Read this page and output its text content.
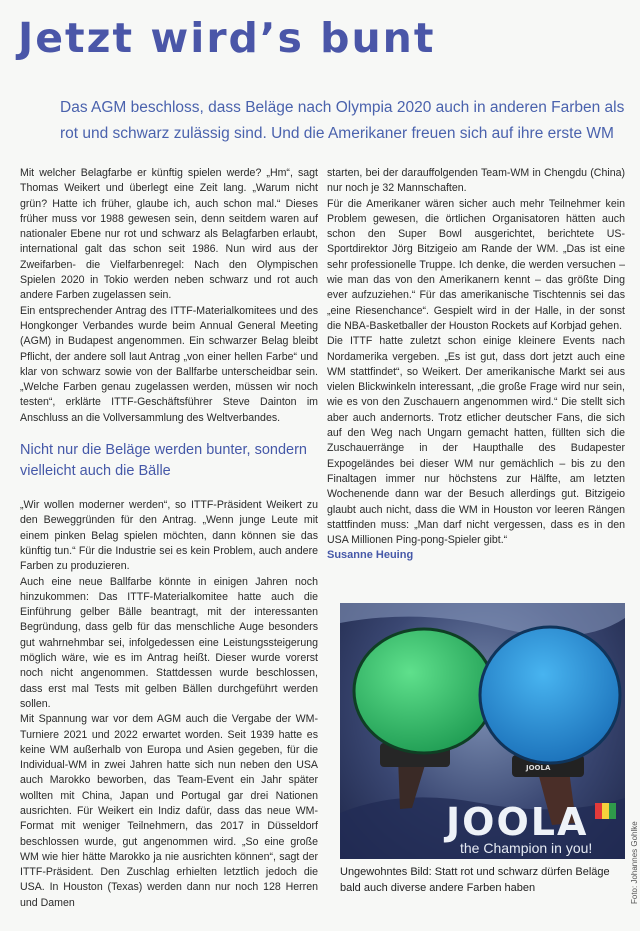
Jetzt wird’s bunt

Das AGM beschloss, dass Beläge nach Olympia 2020 auch in anderen Farben als rot und schwarz zulässig sind. Und die Amerikaner freuen sich auf ihre erste WM

Mit welcher Belagfarbe er künftig spielen werde? „Hm“, sagt Thomas Weikert und überlegt eine Zeit lang. „Warum nicht grün? Hatte ich früher, glaube ich, auch schon mal.“ Dieses früher muss vor 1988 gewesen sein, denn seitdem waren auf nationaler Ebene nur rot und schwarz als Belagfarben erlaubt, international galt das schon seit 1986. Nun wird aus der Zweifarben- die Vielfarbenregel: Nach den Olympischen Spielen 2020 in Tokio werden neben schwarz und rot auch andere Farben zugelassen sein.

Ein entsprechender Antrag des ITTF-Materialkomitees und des Hongkonger Verbandes wurde beim Annual General Meeting (AGM) in Budapest angenommen. Ein schwarzer Belag bleibt Pflicht, der andere soll laut Antrag „von einer hellen Farbe“ und klar von schwarz sowie von der Ballfarbe unterscheidbar sein. „Welche Farben genau zugelassen werden, müssen wir noch testen“, erklärte ITTF-Geschäftsführer Steve Dainton im Anschluss an die Vollversammlung des Weltverbandes.

Nicht nur die Beläge werden bunter, sondern vielleicht auch die Bälle

„Wir wollen moderner werden“, so ITTF-Präsident Weikert zu den Beweggründen für den Antrag. „Wenn junge Leute mit einem pinken Belag spielen möchten, dann können sie das künftig tun.“ Für die Industrie sei es kein Problem, auch andere Farben zu produzieren.

Auch eine neue Ballfarbe könnte in einigen Jahren noch hinzukommen: Das ITTF-Materialkomitee hatte auch die Einführung gelber Bälle beantragt, mit der interessanten Begründung, dass gelb für das menschliche Auge besonders gut wahrnehmbar sei, infolgedessen eine Leistungssteigerung möglich wäre, wie es im Antrag heißt. Dieser wurde vorerst noch nicht angenommen. Stattdessen wurde beschlossen, dass erst mal Tests mit gelben Bällen durchgeführt werden sollen.

Mit Spannung war vor dem AGM auch die Vergabe der WM-Turniere 2021 und 2022 erwartet worden. Seit 1939 hatte es keine WM außerhalb von Europa und Asien gegeben, für die Individual-WM in zwei Jahren hatte sich nun neben den USA auch Marokko beworben, das Team-Event ein Jahr später wollten mit China, Japan und Portugal gar drei Nationen ausrichten. Für Weikert ein Indiz dafür, dass das neue WM-Format mit weniger Teilnehmern, das 2017 in Düsseldorf beschlossen wurde, gut angenommen wird. „So eine große WM wie hier hätte Marokko ja nie ausrichten können“, sagt der ITTF-Präsident. Den Zuschlag erhielten letztlich jedoch die USA. In Houston (Texas) werden dann nur noch 128 Herren und Damen

starten, bei der darauffolgenden Team-WM in Chengdu (China) nur noch je 32 Mannschaften.

Für die Amerikaner wären sicher auch mehr Teilnehmer kein Problem gewesen, die örtlichen Organisatoren hätten auch schon den Super Bowl ausgerichtet, berichtete US-Sportdirektor Jörg Bitzigeio am Rande der WM. „Das ist eine sehr professionelle Truppe. Ich denke, die werden versuchen – wie man das von den Amerikanern kennt – das größte Ding ever aufzuziehen.“ Für das amerikanische Tischtennis sei das „eine Riesenchance“. Gespielt wird in der Halle, in der sonst die NBA-Basketballer der Houston Rockets auf Korbjad gehen.

Die ITTF hatte zuletzt schon einige kleinere Events nach Nordamerika vergeben. „Es ist gut, dass dort jetzt auch eine WM stattfindet“, so Weikert. Der amerikanische Markt sei aus vielen Blickwinkeln interessant, „die große Frage wird nur sein, wie es von den Zuschauern angenommen wird.“ Die stellt sich aber auch andernorts. Trotz etlicher deutscher Fans, die sich auf den Weg nach Ungarn gemacht hatten, füllten sich die Zuschauerränge in der Haupthalle des Budapester Expogeländes bei dieser WM nur gemächlich – bis zu den Finaltagen immer nur höchstens zur Hälfte, am letzten Wochenende dann war der Besuch allerdings gut. Bitzigeio glaubt auch nicht, dass die WM in Houston vor leeren Rängen stattfinden muss: „Man darf nicht vergessen, dass es in den USA Millionen Ping-pong-Spieler gibt.“

Susanne Heuing

JOOLA
JOOLA
the Champion in you!	Foto: Johannes Gohlke

Ungewohntes Bild: Statt rot und schwarz dürfen Beläge bald auch diverse andere Farben haben
